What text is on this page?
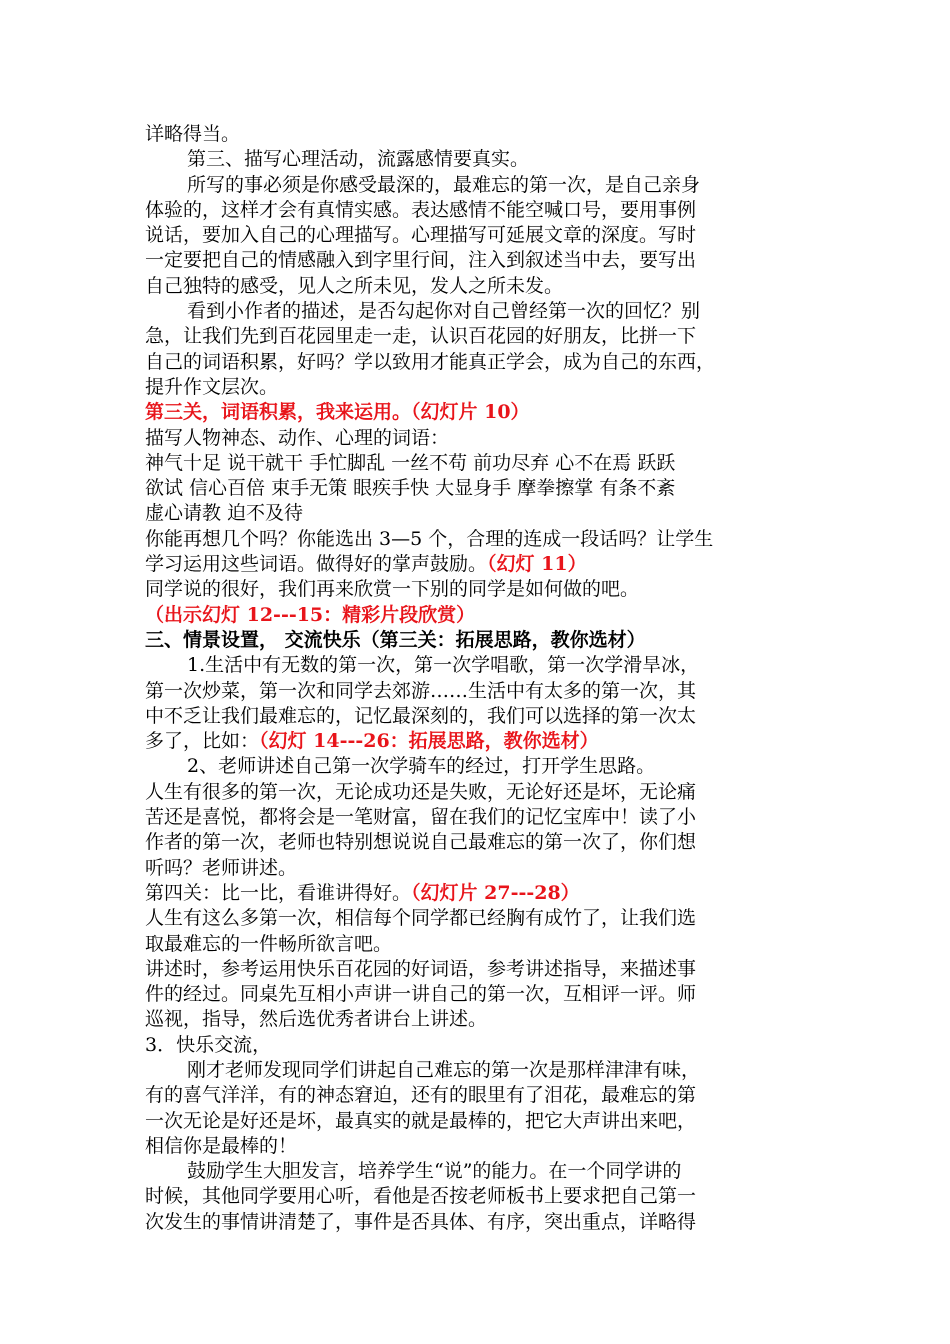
详略得当。
第三、描写心理活动，流露感情要真实。
所写的事必须是你感受最深的，最难忘的第一次，是自己亲身
体验的，这样才会有真情实感。表达感情不能空喊口号，要用事例
说话，要加入自己的心理描写。心理描写可延展文章的深度。写时
一定要把自己的情感融入到字里行间，注入到叙述当中去，要写出
自己独特的感受，见人之所未见，发人之所未发。
看到小作者的描述，是否勾起你对自己曾经第一次的回忆？别
急，让我们先到百花园里走一走，认识百花园的好朋友，比拼一下
自己的词语积累，好吗？学以致用才能真正学会，成为自己的东西，
提升作文层次。
第三关，词语积累，我来运用。（幻灯片 10）
描写人物神态、动作、心理的词语：
神气十足 说干就干 手忙脚乱 一丝不苟 前功尽弃 心不在焉 跃跃
欲试 信心百倍 束手无策 眼疾手快 大显身手 摩拳擦掌 有条不紊
虚心请教 迫不及待
你能再想几个吗？你能选出 3—5 个，合理的连成一段话吗？让学生
学习运用这些词语。做得好的掌声鼓励。（幻灯 11）
同学说的很好，我们再来欣赏一下别的同学是如何做的吧。
（出示幻灯 12---15：精彩片段欣赏）
三、情景设置， 交流快乐（第三关：拓展思路，教你选材）
1.生活中有无数的第一次，第一次学唱歌，第一次学滑旱冰，
第一次炒菜，第一次和同学去郊游……生活中有太多的第一次，其
中不乏让我们最难忘的，记忆最深刻的，我们可以选择的第一次太
多了，比如：（幻灯 14---26：拓展思路，教你选材）
2、老师讲述自己第一次学骑车的经过，打开学生思路。
人生有很多的第一次，无论成功还是失败，无论好还是坏，无论痛
苦还是喜悦，都将会是一笔财富，留在我们的记忆宝库中！读了小
作者的第一次，老师也特别想说说自己最难忘的第一次了，你们想
听吗？老师讲述。
第四关：比一比，看谁讲得好。（幻灯片 27---28）
人生有这么多第一次，相信每个同学都已经胸有成竹了，让我们选
取最难忘的一件畅所欲言吧。
讲述时，参考运用快乐百花园的好词语，参考讲述指导，来描述事
件的经过。同桌先互相小声讲一讲自己的第一次，互相评一评。师
巡视，指导，然后选优秀者讲台上讲述。
3．快乐交流，
刚才老师发现同学们讲起自己难忘的第一次是那样津津有味，
有的喜气洋洋，有的神态窘迫，还有的眼里有了泪花，最难忘的第
一次无论是好还是坏，最真实的就是最棒的，把它大声讲出来吧，
相信你是最棒的！
鼓励学生大胆发言，培养学生“说”的能力。在一个同学讲的
时候，其他同学要用心听，看他是否按老师板书上要求把自己第一
次发生的事情讲清楚了，事件是否具体、有序，突出重点，详略得
